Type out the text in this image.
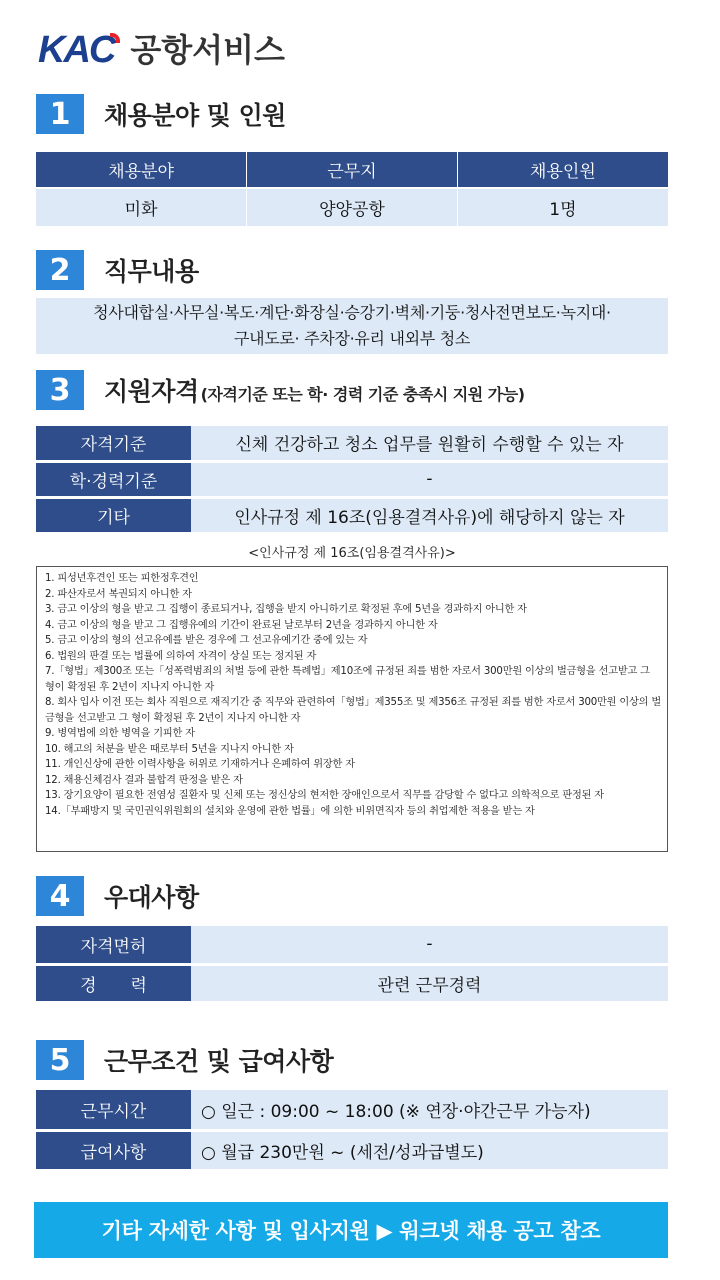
KAC 공항서비스
1	채용분야 및 인원
채용분야	근무지	채용인원
미화	양양공항	1명
2	직무내용
청사대합실·사무실·복도·계단·화장실·승강기·벽체·기둥·청사전면보도·녹지대·
구내도로· 주차장·유리 내외부 청소
3	지원자격 (자격기준 또는 학· 경력 기준 충족시 지원 가능)
자격기준	신체 건강하고 청소 업무를 원활히 수행할 수 있는 자
학·경력기준	-
기타	인사규정 제 16조(임용결격사유)에 해당하지 않는 자
<인사규정 제 16조(임용결격사유)>
1. 피성년후견인 또는 피한정후견인
2. 파산자로서 복권되지 아니한 자
3. 금고 이상의 형을 받고 그 집행이 종료되거나, 집행을 받지 아니하기로 확정된 후에 5년을 경과하지 아니한 자
4. 금고 이상의 형을 받고 그 집행유예의 기간이 완료된 날로부터 2년을 경과하지 아니한 자
5. 금고 이상의 형의 선고유예를 받은 경우에 그 선고유예기간 중에 있는 자
6. 법원의 판결 또는 법률에 의하여 자격이 상실 또는 정지된 자
7.「형법」제300조 또는「성폭력범죄의 처벌 등에 관한 특례법」제10조에 규정된 죄를 범한 자로서 300만원 이상의 벌금형을 선고받고 그 형이 확정된 후 2년이 지나지 아니한 자
8. 회사 입사 이전 또는 회사 직원으로 재직기간 중 직무와 관련하여「형법」제355조 및 제356조 규정된 죄를 범한 자로서 300만원 이상의 벌금형을 선고받고 그 형이 확정된 후 2년이 지나지 아니한 자
9. 병역법에 의한 병역을 기피한 자
10. 해고의 처분을 받은 때로부터 5년을 지나지 아니한 자
11. 개인신상에 관한 이력사항을 허위로 기재하거나 은폐하여 위장한 자
12. 채용신체검사 결과 불합격 판정을 받은 자
13. 장기요양이 필요한 전염성 질환자 및 신체 또는 정신상의 현저한 장애인으로서 직무를 감당할 수 없다고 의학적으로 판정된 자
14.「부패방지 및 국민권익위원회의 설치와 운영에 관한 법률」에 의한 비위면직자 등의 취업제한 적용을 받는 자
4	우대사항
자격면허	-
경　　력	관련 근무경력
5	근무조건 및 급여사항
근무시간	○ 일근 : 09:00 ~ 18:00 (※ 연장·야간근무 가능자)
급여사항	○ 월급 230만원 ~ (세전/성과급별도)
기타 자세한 사항 및 입사지원 ▶ 워크넷 채용 공고 참조
